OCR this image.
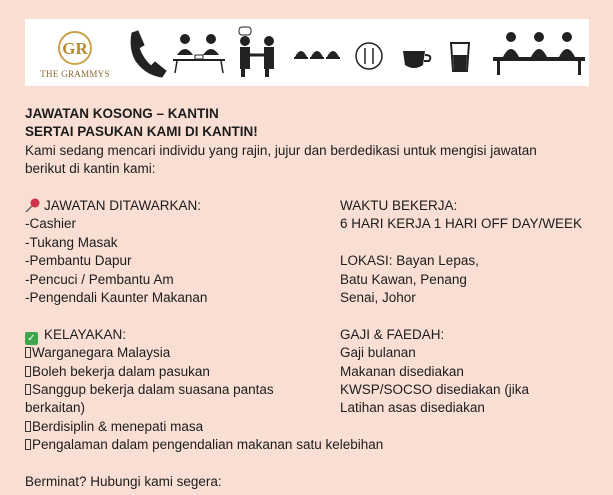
GR
THE GRAMMYS
JAWATAN KOSONG – KANTIN
SERTAI PASUKAN KAMI DI KANTIN!
Kami sedang mencari individu yang rajin, jujur dan berdedikasi untuk mengisi jawatan
berikut di kantin kami:
JAWATAN DITAWARKAN:
-Cashier
-Tukang Masak
-Pembantu Dapur
-Pencuci / Pembantu Am
-Pengendali Kaunter Makanan
WAKTU BEKERJA:
6 HARI KERJA 1 HARI OFF DAY/WEEK
LOKASI: Bayan Lepas,
Batu Kawan, Penang
Senai, Johor
✓ KELAYAKAN:
Warganegara Malaysia
Boleh bekerja dalam pasukan
Sanggup bekerja dalam suasana pantas
berkaitan)
Berdisiplin & menepati masa
GAJI & FAEDAH:
Gaji bulanan
Makanan disediakan
KWSP/SOCSO disediakan (jika
Latihan asas disediakan
Pengalaman dalam pengendalian makanan satu kelebihan
Berminat? Hubungi kami segera:
